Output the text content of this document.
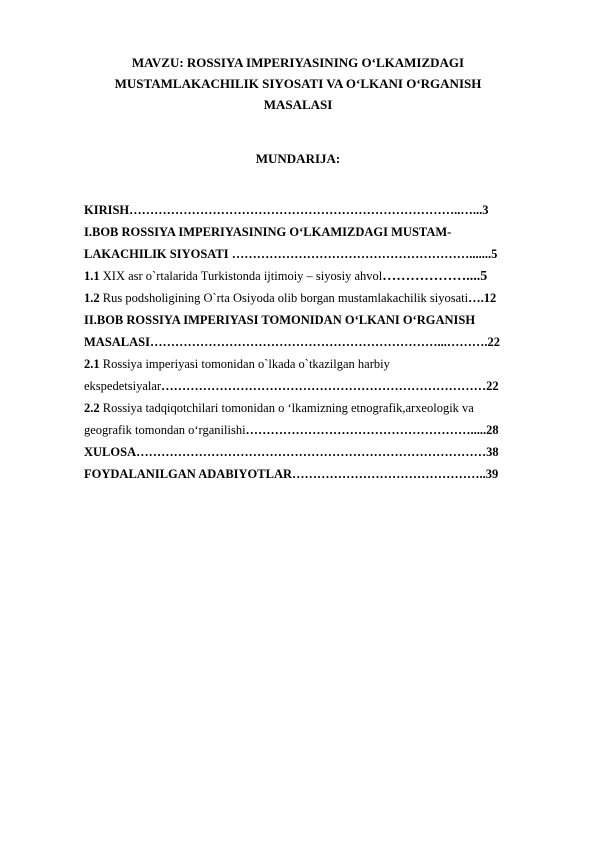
MAVZU: ROSSIYA IMPERIYASINING O‘LKAMIZDAGI
MUSTAMLAKACHILIK SIYOSATI VA O‘LKANI O‘RGANISH
MASALASI
MUNDARIJA:
KIRISH……………………………………………………………………..…...3
I.BOB ROSSIYA IMPERIYASINING O‘LKAMIZDAGI MUSTAM-
LAKACHILIK SIYOSATI ………………………………………………….......5
1.1 XIX asr o`rtalarida Turkistonda ijtimoiy – siyosiy ahvol………………....5
1.2 Rus podsholigining O`rta Osiyoda olib borgan mustamlakachilik siyosati….12
II.BOB ROSSIYA IMPERIYASI TOMONIDAN O‘LKANI O‘RGANISH
MASALASI……………………………………………………………...……….22
2.1 Rossiya imperiyasi tomonidan o`lkada o`tkazilgan harbiy
ekspedetsiyalar……………………………………………………………………22
2.2 Rossiya tadqiqotchilari tomonidan o ‘lkamizning etnografik,arxeologik va
geografik tomondan o‘rganilishi……………………………………………….....28
XULOSA…………………………………………………………………………38
FOYDALANILGAN ADABIYOTLAR………………………………………..39
